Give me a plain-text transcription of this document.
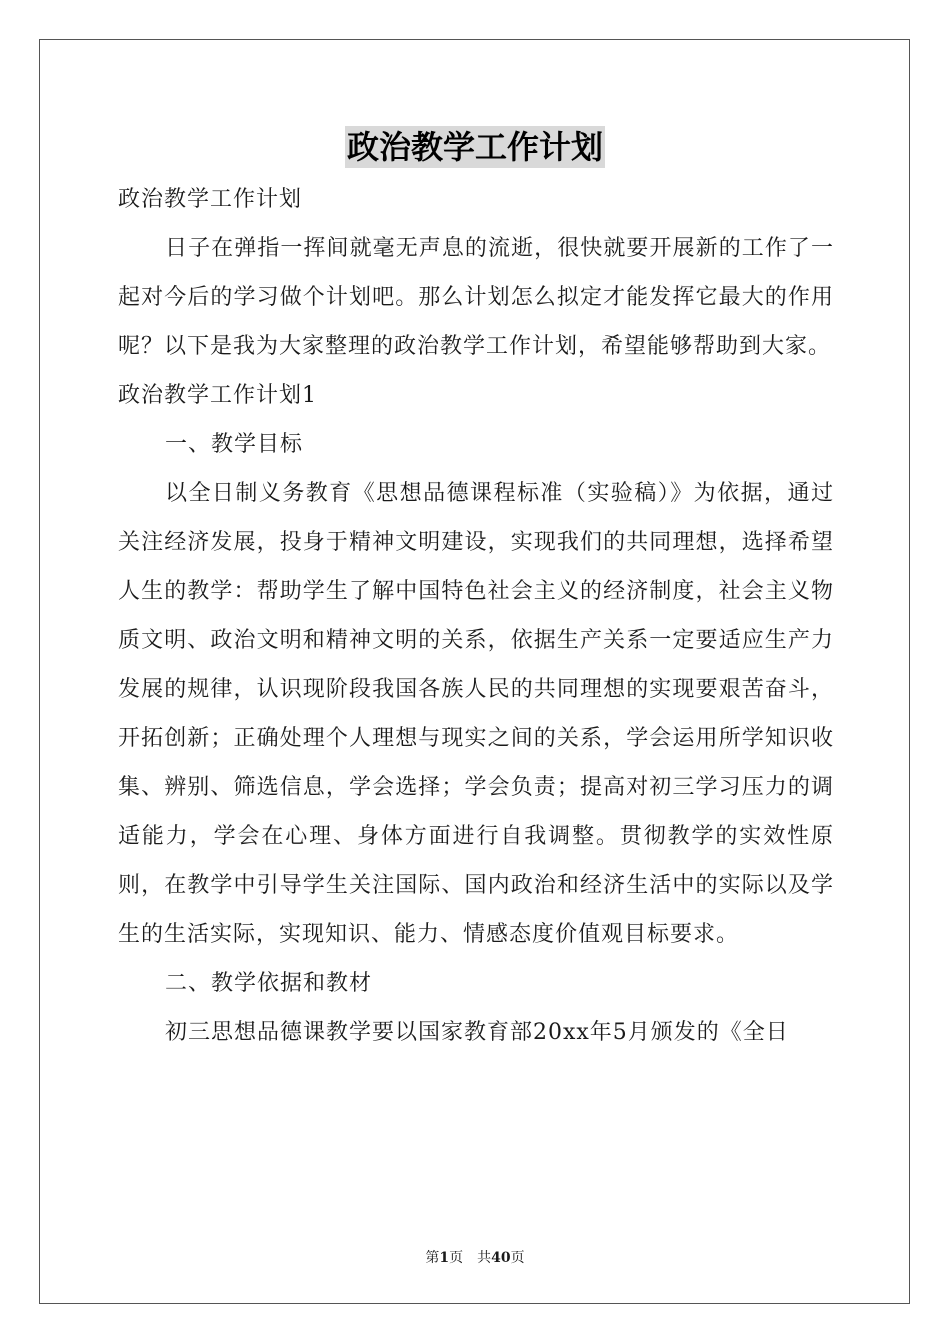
政治教学工作计划

政治教学工作计划

日子在弹指一挥间就毫无声息的流逝，很快就要开展新的工作了一起对今后的学习做个计划吧。那么计划怎么拟定才能发挥它最大的作用呢？以下是我为大家整理的政治教学工作计划，希望能够帮助到大家。

政治教学工作计划1

一、教学目标

以全日制义务教育《思想品德课程标准（实验稿）》为依据，通过关注经济发展，投身于精神文明建设，实现我们的共同理想，选择希望人生的教学：帮助学生了解中国特色社会主义的经济制度，社会主义物质文明、政治文明和精神文明的关系，依据生产关系一定要适应生产力发展的规律，认识现阶段我国各族人民的共同理想的实现要艰苦奋斗，开拓创新；正确处理个人理想与现实之间的关系，学会运用所学知识收集、辨别、筛选信息，学会选择；学会负责；提高对初三学习压力的调适能力，学会在心理、身体方面进行自我调整。贯彻教学的实效性原则，在教学中引导学生关注国际、国内政治和经济生活中的实际以及学生的生活实际，实现知识、能力、情感态度价值观目标要求。

二、教学依据和教材

初三思想品德课教学要以国家教育部20xx年5月颁发的《全日

第1页 共40页
